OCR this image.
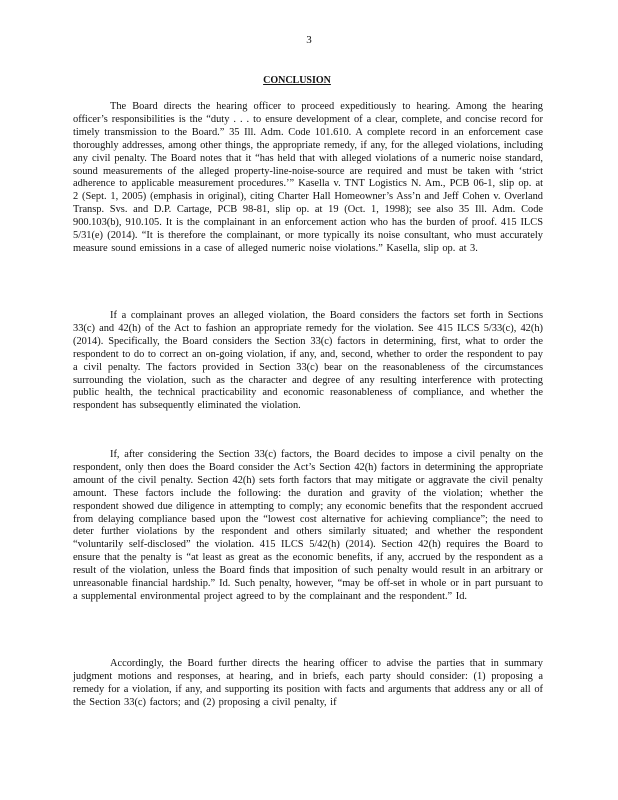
3
CONCLUSION

The Board directs the hearing officer to proceed expeditiously to hearing. Among the hearing officer’s responsibilities is the “duty . . . to ensure development of a clear, complete, and concise record for timely transmission to the Board.” 35 Ill. Adm. Code 101.610. A complete record in an enforcement case thoroughly addresses, among other things, the appropriate remedy, if any, for the alleged violations, including any civil penalty. The Board notes that it “has held that with alleged violations of a numeric noise standard, sound measurements of the alleged property-line-noise-source are required and must be taken with ‘strict adherence to applicable measurement procedures.’” Kasella v. TNT Logistics N. Am., PCB 06-1, slip op. at 2 (Sept. 1, 2005) (emphasis in original), citing Charter Hall Homeowner’s Ass’n and Jeff Cohen v. Overland Transp. Svs. and D.P. Cartage, PCB 98-81, slip op. at 19 (Oct. 1, 1998); see also 35 Ill. Adm. Code 900.103(b), 910.105. It is the complainant in an enforcement action who has the burden of proof. 415 ILCS 5/31(e) (2014). “It is therefore the complainant, or more typically its noise consultant, who must accurately measure sound emissions in a case of alleged numeric noise violations.” Kasella, slip op. at 3.

If a complainant proves an alleged violation, the Board considers the factors set forth in Sections 33(c) and 42(h) of the Act to fashion an appropriate remedy for the violation. See 415 ILCS 5/33(c), 42(h) (2014). Specifically, the Board considers the Section 33(c) factors in determining, first, what to order the respondent to do to correct an on-going violation, if any, and, second, whether to order the respondent to pay a civil penalty. The factors provided in Section 33(c) bear on the reasonableness of the circumstances surrounding the violation, such as the character and degree of any resulting interference with protecting public health, the technical practicability and economic reasonableness of compliance, and whether the respondent has subsequently eliminated the violation.

If, after considering the Section 33(c) factors, the Board decides to impose a civil penalty on the respondent, only then does the Board consider the Act’s Section 42(h) factors in determining the appropriate amount of the civil penalty. Section 42(h) sets forth factors that may mitigate or aggravate the civil penalty amount. These factors include the following: the duration and gravity of the violation; whether the respondent showed due diligence in attempting to comply; any economic benefits that the respondent accrued from delaying compliance based upon the “lowest cost alternative for achieving compliance”; the need to deter further violations by the respondent and others similarly situated; and whether the respondent “voluntarily self-disclosed” the violation. 415 ILCS 5/42(h) (2014). Section 42(h) requires the Board to ensure that the penalty is “at least as great as the economic benefits, if any, accrued by the respondent as a result of the violation, unless the Board finds that imposition of such penalty would result in an arbitrary or unreasonable financial hardship.” Id. Such penalty, however, “may be off-set in whole or in part pursuant to a supplemental environmental project agreed to by the complainant and the respondent.” Id.

Accordingly, the Board further directs the hearing officer to advise the parties that in summary judgment motions and responses, at hearing, and in briefs, each party should consider: (1) proposing a remedy for a violation, if any, and supporting its position with facts and arguments that address any or all of the Section 33(c) factors; and (2) proposing a civil penalty, if
